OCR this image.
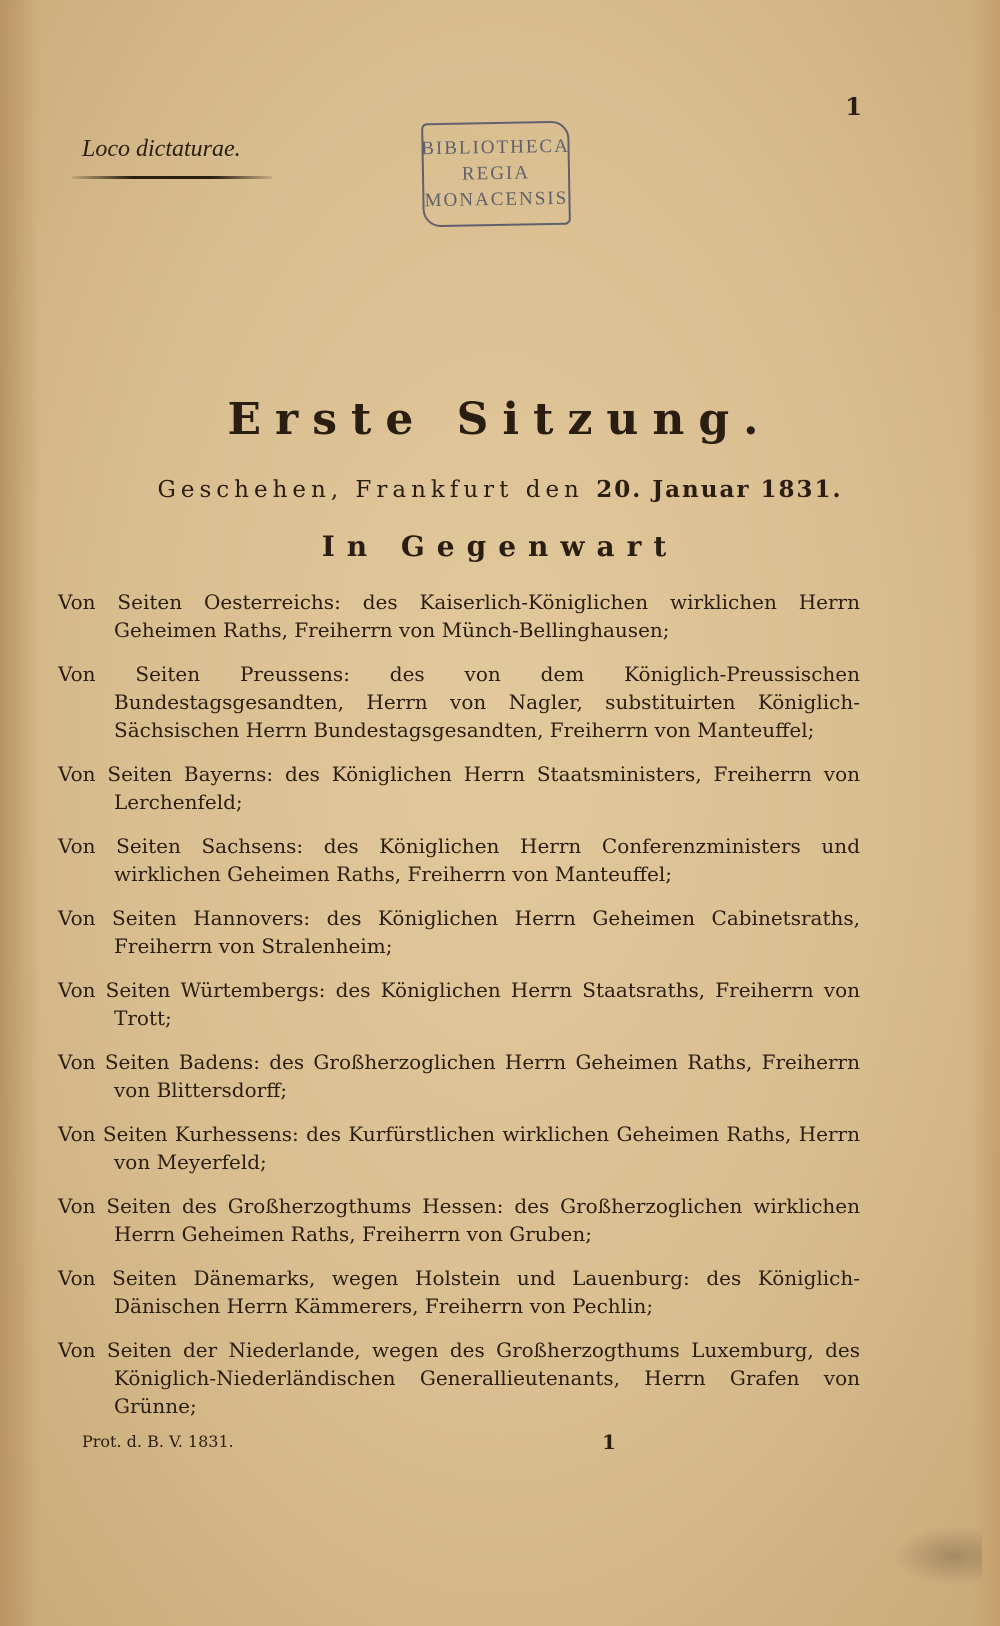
1
Loco dictaturae.	BIBLIOTHECA
REGIA
MONACENSIS
Erste Sitzung.
Geschehen, Frankfurt den 20. Januar 1831.
In Gegenwart
Von Seiten Oesterreichs: des Kaiserlich-Königlichen wirklichen Herrn Geheimen Raths, Freiherrn von Münch-Bellinghausen;
Von Seiten Preussens: des von dem Königlich-Preussischen Bundestagsgesandten, Herrn von Nagler, substituirten Königlich-Sächsischen Herrn Bundestagsgesandten, Freiherrn von Manteuffel;
Von Seiten Bayerns: des Königlichen Herrn Staatsministers, Freiherrn von Lerchenfeld;
Von Seiten Sachsens: des Königlichen Herrn Conferenzministers und wirklichen Geheimen Raths, Freiherrn von Manteuffel;
Von Seiten Hannovers: des Königlichen Herrn Geheimen Cabinetsraths, Freiherrn von Stralenheim;
Von Seiten Würtembergs: des Königlichen Herrn Staatsraths, Freiherrn von Trott;
Von Seiten Badens: des Großherzoglichen Herrn Geheimen Raths, Freiherrn von Blittersdorff;
Von Seiten Kurhessens: des Kurfürstlichen wirklichen Geheimen Raths, Herrn von Meyerfeld;
Von Seiten des Großherzogthums Hessen: des Großherzoglichen wirklichen Herrn Geheimen Raths, Freiherrn von Gruben;
Von Seiten Dänemarks, wegen Holstein und Lauenburg: des Königlich-Dänischen Herrn Kämmerers, Freiherrn von Pechlin;
Von Seiten der Niederlande, wegen des Großherzogthums Luxemburg, des Königlich-Niederländischen Generallieutenants, Herrn Grafen von Grünne;
Prot. d. B. V. 1831.	1
